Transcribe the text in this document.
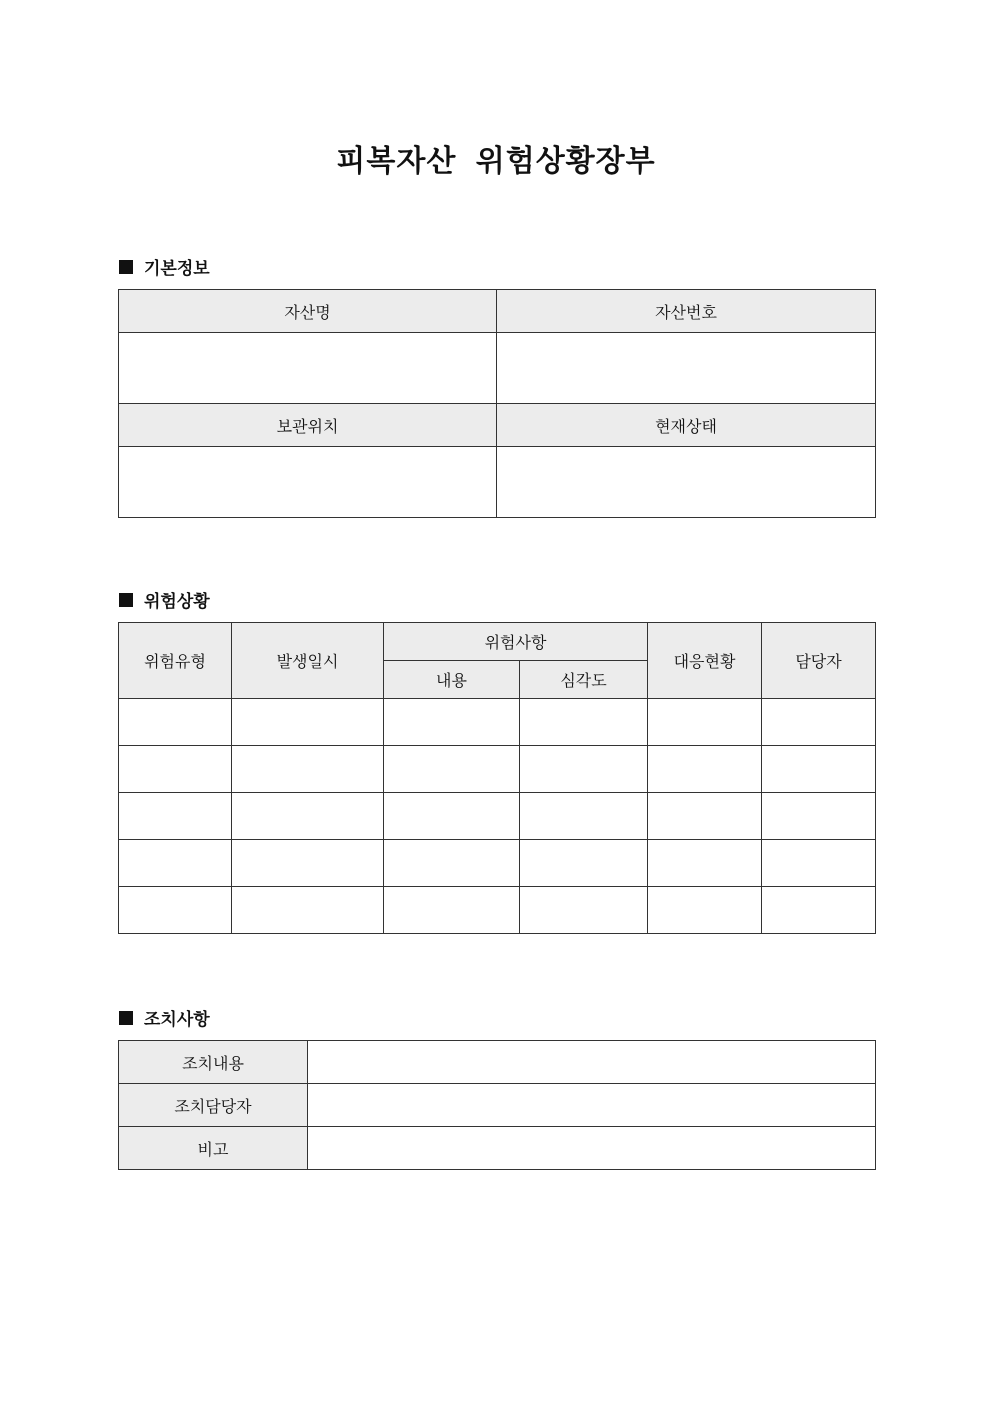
피복자산 위험상황장부
기본정보
자산명	자산번호

보관위치	현재상태

위험상황
위험유형	발생일시	위험사항		대응현황	담당자
		내용	심각도		

조치사항
조치내용	
조치담당자	
비고	
